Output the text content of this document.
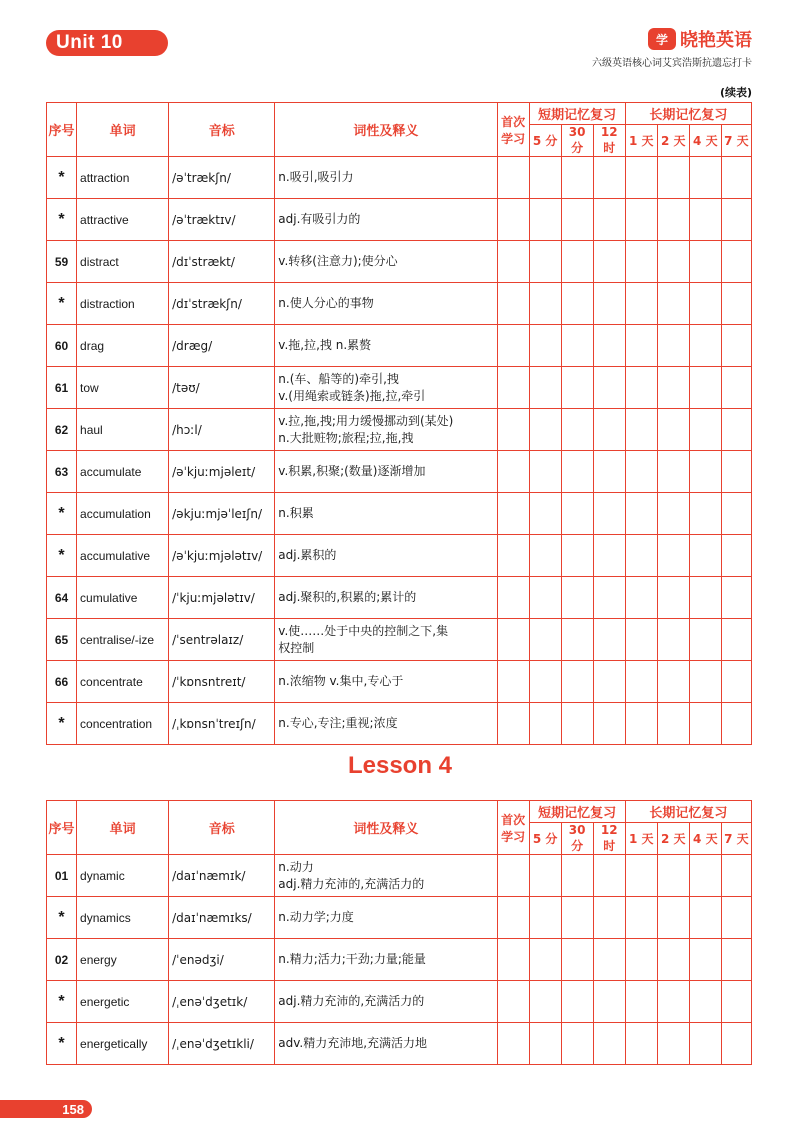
Unit 10	学 晓艳英语
六级英语核心词艾宾浩斯抗遗忘打卡
(续表)
序号	单词	音标	词性及释义	首次学习	短期记忆复习			长期记忆复习			
					5 分	30 分	12 时	1 天	2 天	4 天	7 天
*	attraction	/əˈtrækʃn/	n.吸引,吸引力								

*	attractive	/əˈtræktɪv/	adj.有吸引力的								

59	distract	/dɪˈstrækt/	v.转移(注意力);使分心								

*	distraction	/dɪˈstrækʃn/	n.使人分心的事物								

60	drag	/dræg/	v.拖,拉,拽 n.累赘								

61	tow	/təʊ/	n.(车、船等的)牵引,拽
v.(用绳索或链条)拖,拉,牵引								

62	haul	/hɔːl/	v.拉,拖,拽;用力缓慢挪动到(某处)
n.大批赃物;旅程;拉,拖,拽								

63	accumulate	/əˈkjuːmjəleɪt/	v.积累,积聚;(数量)逐渐增加								

*	accumulation	/əkjuːmjəˈleɪʃn/	n.积累								

*	accumulative	/əˈkjuːmjələtɪv/	adj.累积的								

64	cumulative	/ˈkjuːmjələtɪv/	adj.聚积的,积累的;累计的								

65	centralise/-ize	/ˈsentrəlaɪz/	v.使……处于中央的控制之下,集
权控制								

66	concentrate	/ˈkɒnsntreɪt/	n.浓缩物 v.集中,专心于								

*	concentration	/ˌkɒnsnˈtreɪʃn/	n.专心,专注;重视;浓度								

Lesson 4
序号	单词	音标	词性及释义	首次学习	短期记忆复习			长期记忆复习			
					5 分	30 分	12 时	1 天	2 天	4 天	7 天
01	dynamic	/daɪˈnæmɪk/	n.动力
adj.精力充沛的,充满活力的								

*	dynamics	/daɪˈnæmɪks/	n.动力学;力度								

02	energy	/ˈenədʒi/	n.精力;活力;干劲;力量;能量								

*	energetic	/ˌenəˈdʒetɪk/	adj.精力充沛的,充满活力的								

*	energetically	/ˌenəˈdʒetɪkli/	adv.精力充沛地,充满活力地								

158
